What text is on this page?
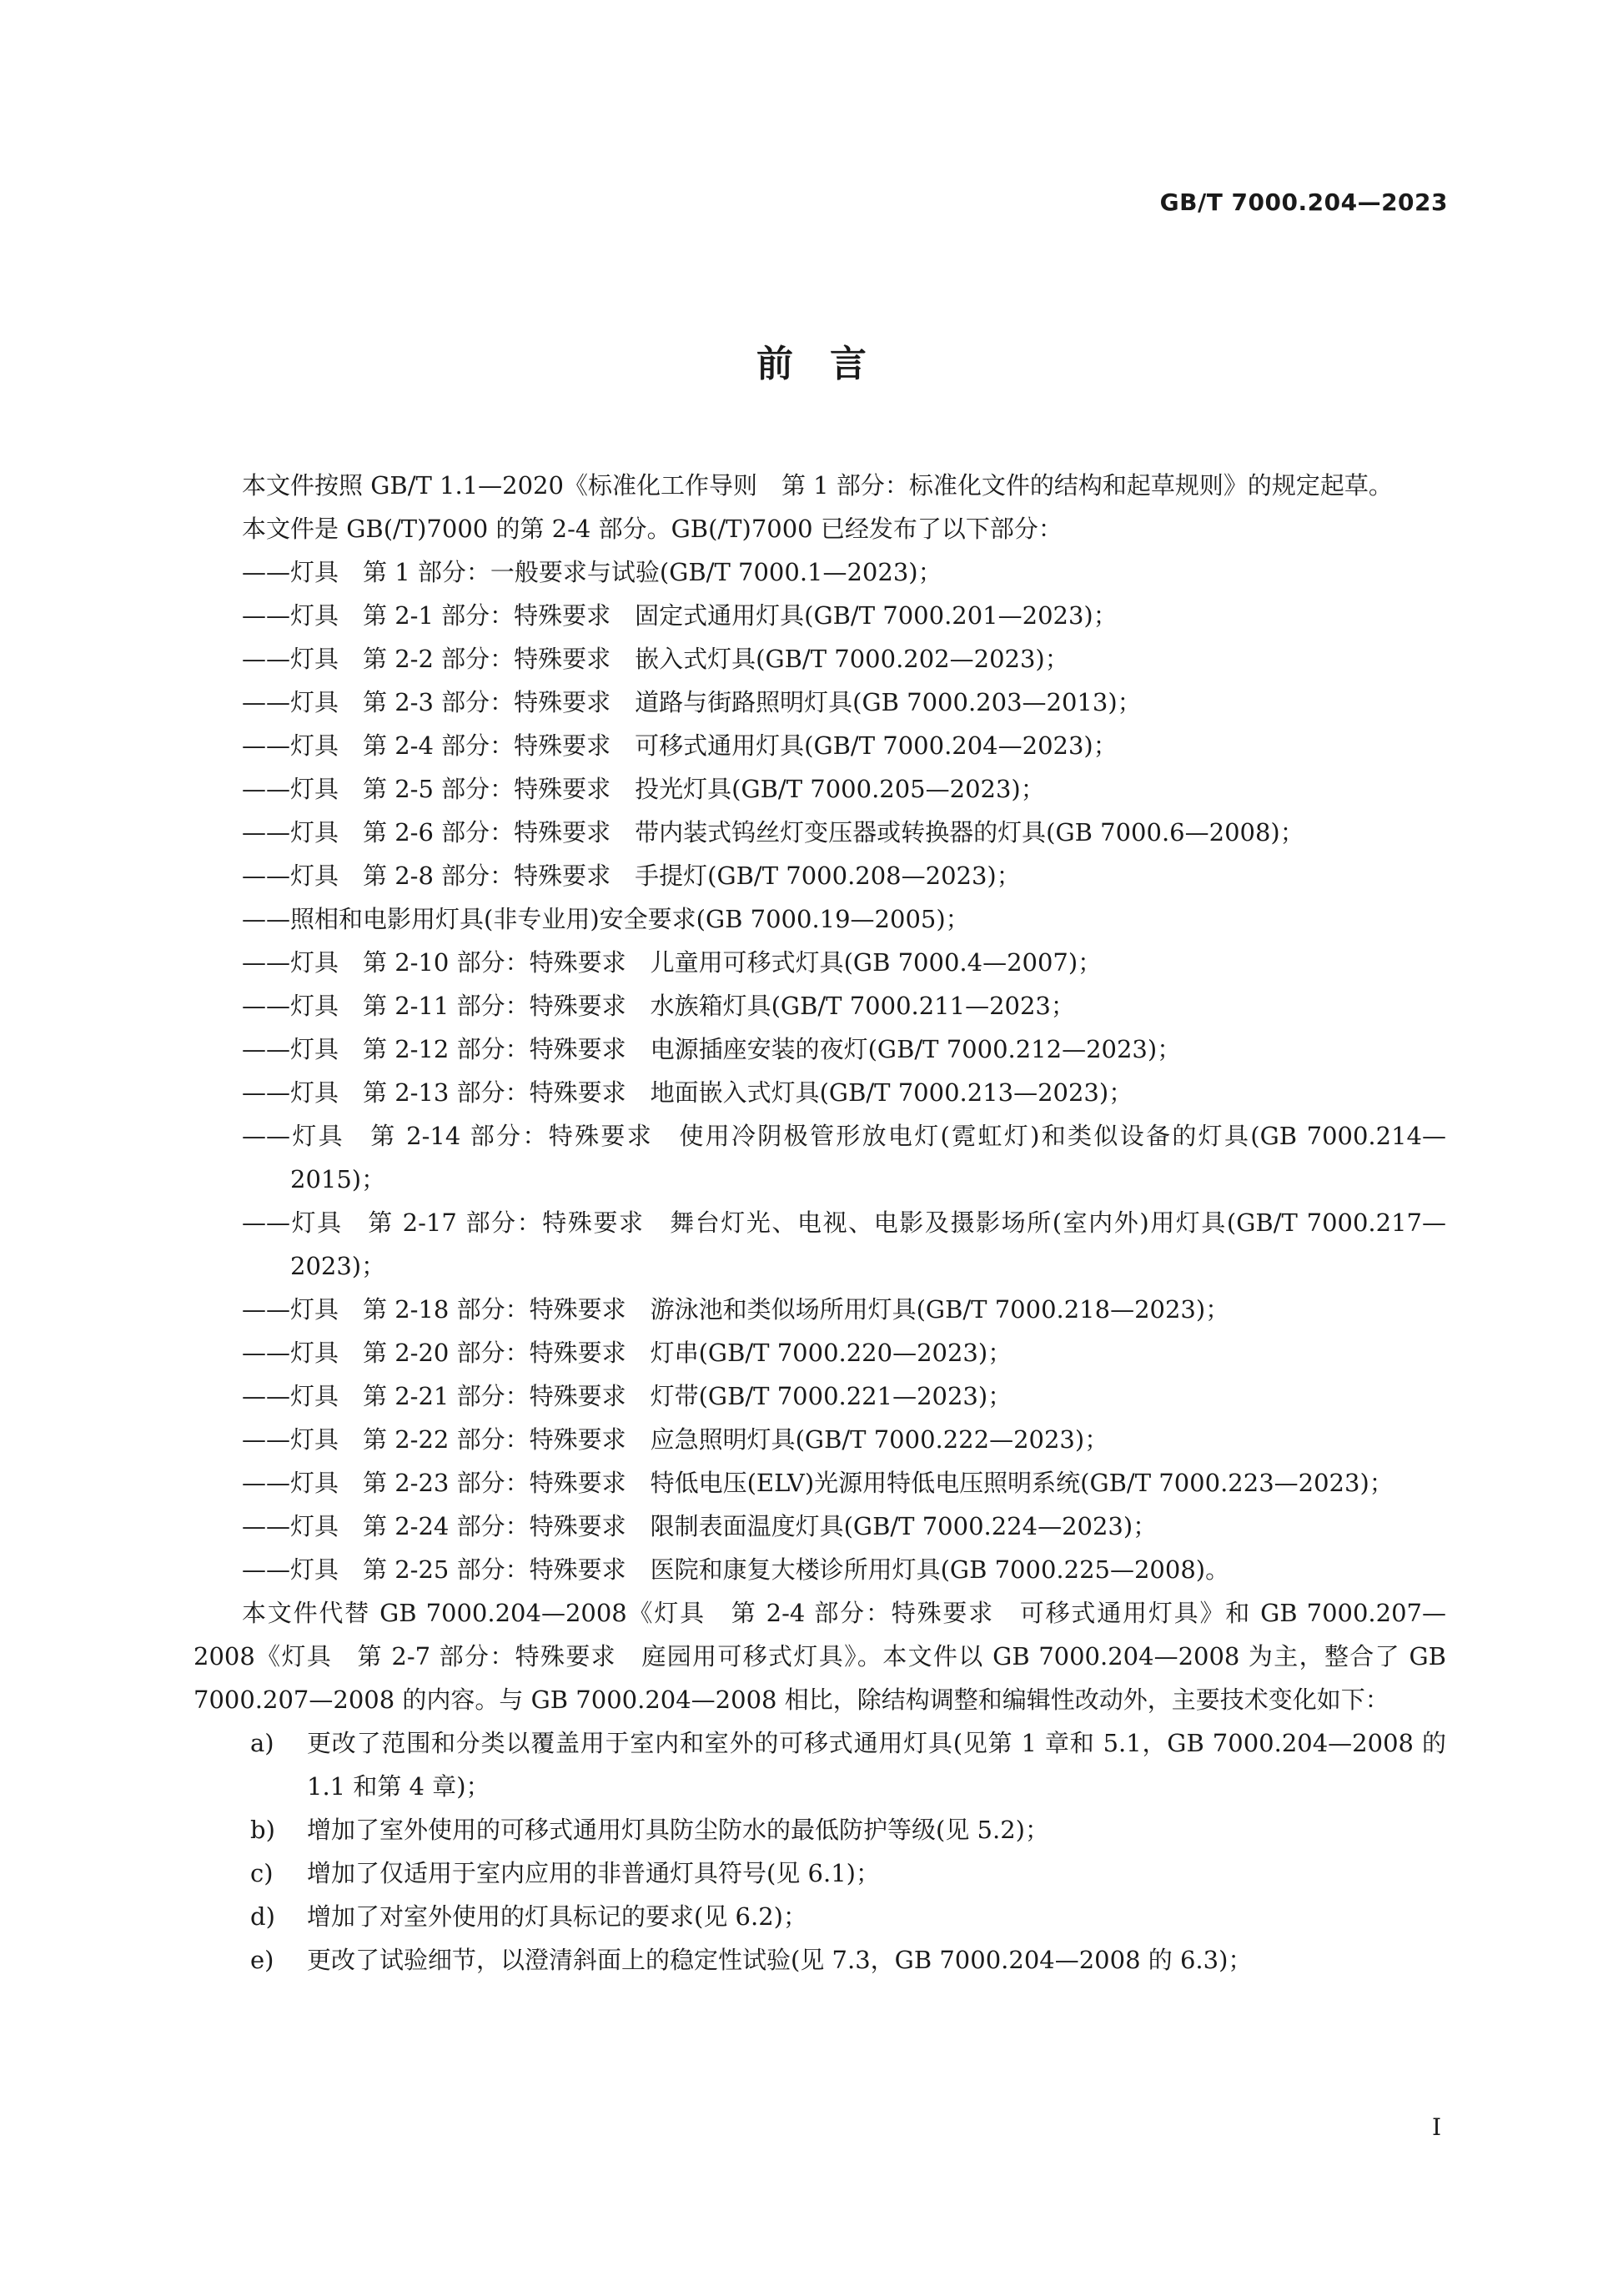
GB/T 7000.204—2023
前　言

本文件按照 GB/T 1.1—2020《标准化工作导则　第 1 部分：标准化文件的结构和起草规则》的规定起草。

本文件是 GB(/T)7000 的第 2-4 部分。GB(/T)7000 已经发布了以下部分：

——灯具　第 1 部分：一般要求与试验(GB/T 7000.1—2023)；

——灯具　第 2-1 部分：特殊要求　固定式通用灯具(GB/T 7000.201—2023)；

——灯具　第 2-2 部分：特殊要求　嵌入式灯具(GB/T 7000.202—2023)；

——灯具　第 2-3 部分：特殊要求　道路与街路照明灯具(GB 7000.203—2013)；

——灯具　第 2-4 部分：特殊要求　可移式通用灯具(GB/T 7000.204—2023)；

——灯具　第 2-5 部分：特殊要求　投光灯具(GB/T 7000.205—2023)；

——灯具　第 2-6 部分：特殊要求　带内装式钨丝灯变压器或转换器的灯具(GB 7000.6—2008)；

——灯具　第 2-8 部分：特殊要求　手提灯(GB/T 7000.208—2023)；

——照相和电影用灯具(非专业用)安全要求(GB 7000.19—2005)；

——灯具　第 2-10 部分：特殊要求　儿童用可移式灯具(GB 7000.4—2007)；

——灯具　第 2-11 部分：特殊要求　水族箱灯具(GB/T 7000.211—2023；

——灯具　第 2-12 部分：特殊要求　电源插座安装的夜灯(GB/T 7000.212—2023)；

——灯具　第 2-13 部分：特殊要求　地面嵌入式灯具(GB/T 7000.213—2023)；

——灯具　第 2-14 部分：特殊要求　使用冷阴极管形放电灯(霓虹灯)和类似设备的灯具(GB 7000.214—2015)；

——灯具　第 2-17 部分：特殊要求　舞台灯光、电视、电影及摄影场所(室内外)用灯具(GB/T 7000.217—2023)；

——灯具　第 2-18 部分：特殊要求　游泳池和类似场所用灯具(GB/T 7000.218—2023)；

——灯具　第 2-20 部分：特殊要求　灯串(GB/T 7000.220—2023)；

——灯具　第 2-21 部分：特殊要求　灯带(GB/T 7000.221—2023)；

——灯具　第 2-22 部分：特殊要求　应急照明灯具(GB/T 7000.222—2023)；

——灯具　第 2-23 部分：特殊要求　特低电压(ELV)光源用特低电压照明系统(GB/T 7000.223—2023)；

——灯具　第 2-24 部分：特殊要求　限制表面温度灯具(GB/T 7000.224—2023)；

——灯具　第 2-25 部分：特殊要求　医院和康复大楼诊所用灯具(GB 7000.225—2008)。

本文件代替 GB 7000.204—2008《灯具　第 2-4 部分：特殊要求　可移式通用灯具》和 GB 7000.207—2008《灯具　第 2-7 部分：特殊要求　庭园用可移式灯具》。本文件以 GB 7000.204—2008 为主，整合了 GB 7000.207—2008 的内容。与 GB 7000.204—2008 相比，除结构调整和编辑性改动外，主要技术变化如下：

a) 更改了范围和分类以覆盖用于室内和室外的可移式通用灯具(见第 1 章和 5.1，GB 7000.204—2008 的 1.1 和第 4 章)；
b) 增加了室外使用的可移式通用灯具防尘防水的最低防护等级(见 5.2)；
c) 增加了仅适用于室内应用的非普通灯具符号(见 6.1)；
d) 增加了对室外使用的灯具标记的要求(见 6.2)；
e) 更改了试验细节，以澄清斜面上的稳定性试验(见 7.3，GB 7000.204—2008 的 6.3)；
I
